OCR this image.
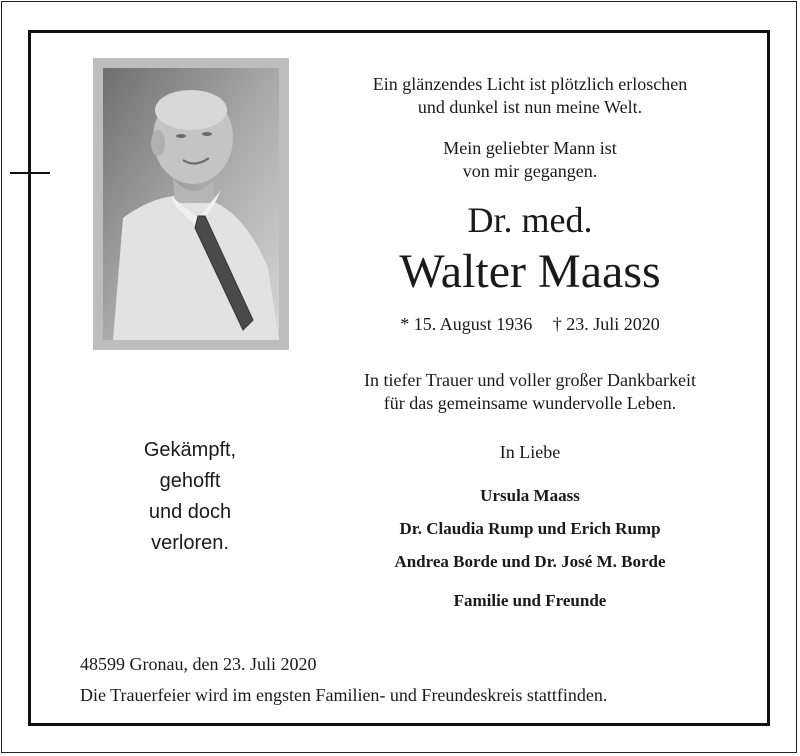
Ein glänzendes Licht ist plötzlich erloschen
und dunkel ist nun meine Welt.
Mein geliebter Mann ist
von mir gegangen.
Dr. med.
Walter Maass
* 15. August 1936 † 23. Juli 2020
In tiefer Trauer und voller großer Dankbarkeit
für das gemeinsame wundervolle Leben.
In Liebe
Ursula Maass
Dr. Claudia Rump und Erich Rump
Andrea Borde und Dr. José M. Borde
Familie und Freunde
Gekämpft,
gehofft
und doch
verloren.
48599 Gronau, den 23. Juli 2020
Die Trauerfeier wird im engsten Familien- und Freundeskreis stattfinden.
